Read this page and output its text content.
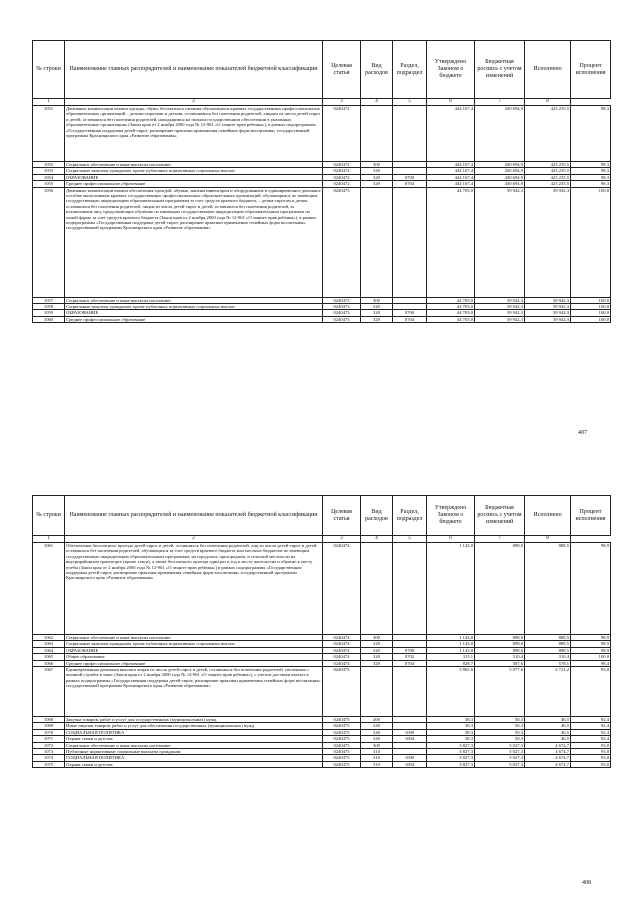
№ строки	Наименование главных распорядителей и наименование показателей бюджетной классификации	Целевая статья	Вид расходов	Раздел, подраздел	Утверждено Законом о бюджете	Бюджетная роспись с учетом изменений	Исполнено	Процент исполнения
1	2	3	4	5	6	7	8	
1051	Денежные компенсации взамен одежды, обуви, бесплатного питания обучающихся краевых государственных профессиональных образовательных организаций – детьми-сиротами и детьми, оставшимися без попечения родителей, лицами из числа детей-сирот и детей, оставшихся без попечения родителей, находящимся на полном государственном обеспечении в указанных образовательных организациях (Закон края от 2 ноября 2000 года № 12-961 «О защите прав ребенка»), в рамках подпрограммы «Государственная поддержка детей-сирот, расширение практики применения семейных форм воспитания» государственной программы Красноярского края «Развитие образования»	0240472			444 167,4	430 694,9	423 235,5	98,3
1052	Социальное обеспечение и иные выплаты населению	0240472	300		444 167,4	430 694,9	423 235,5	98,3
1053	Социальные выплаты гражданам, кроме публичных нормативных социальных выплат	0240472	320		444 167,4	430 694,9	423 235,5	98,3
1054	ОБРАЗОВАНИЕ	0240472	320	0700	444 167,4	430 694,9	423 235,5	98,3
1055	Среднее профессиональное образование	0240472	320	0704	444 167,4	430 694,9	423 235,5	98,3
1056	Денежные компенсации взамен обеспечения одеждой, обувью, мягким инвентарем и оборудованием и единовременное денежное пособие выпускникам краевых государственных профессиональных образовательных организаций, обучающимся по имеющим государственную аккредитацию образовательным программам за счет средств краевого бюджета, – детям-сиротам и детям, оставшимся без попечения родителей, лицам из числа детей-сирот и детей, оставшихся без попечения родителей, за исключением лиц, продолжающих обучение по имеющим государственную аккредитацию образовательным программам по очной форме за счет средств краевого бюджета (Закон края от 2 ноября 2000 года № 12-961 «О защите прав ребенка»), в рамках подпрограммы «Государственная поддержка детей-сирот, расширение практики применения семейных форм воспитания» государственной программы Красноярского края «Развитие образования»	0240473			44 703,0	39 942,3	39 942,3	100,0
1057	Социальное обеспечение и иные выплаты населению	0240473	300		44 703,0	39 942,3	39 942,3	100,0
1058	Социальные выплаты гражданам, кроме публичных нормативных социальных выплат	0240473	320		44 703,0	39 942,3	39 942,3	100,0
1059	ОБРАЗОВАНИЕ	0240473	320	0700	44 703,0	39 942,3	39 942,3	100,0
1060	Среднее профессиональное образование	0240473	320	0704	44 703,0	39 942,3	39 942,3	100,0
407
№ строки	Наименование главных распорядителей и наименование показателей бюджетной классификации	Целевая статья	Вид расходов	Раздел, подраздел	Утверждено Законом о бюджете	Бюджетная роспись с учетом изменений	Исполнено	Процент исполнения
1	2	3	4	5	6	7	8	
1061	Обеспечение бесплатного проезда детей-сирот и детей, оставшихся без попечения родителей, лиц из числа детей-сирот и детей, оставшихся без попечения родителей, обучающихся за счет средств краевого бюджета или местных бюджетов по имеющим государственную аккредитацию образовательным программам, на городском, пригородном, в сельской местности на внутрирайонном транспорте (кроме такси), а также бесплатного проезда один раз в год к месту жительства и обратно к месту учебы (Закон края от 2 ноября 2000 года № 12-961 «О защите прав ребенка») в рамках подпрограммы «Государственная поддержка детей-сирот, расширение практики применения семейных форм воспитания» государственной программы Красноярского края «Развитие образования»	0240474			1 143,8	898,0	888,5	98,9
1062	Социальное обеспечение и иные выплаты населению	0240474	300		1 143,8	898,0	888,5	98,9
1063	Социальные выплаты гражданам, кроме публичных нормативных социальных выплат	0240474	320		1 143,8	898,0	888,5	98,9
1064	ОБРАЗОВАНИЕ	0240474	320	0700	1 143,8	898,0	888,5	98,9
1065	Общее образование	0240474	320	0702	315,1	310,4	310,4	100,0
1066	Среднее профессиональное образование	0240474	320	0704	828,7	587,6	578,1	98,4
1067	Единовременная денежная выплата лицам из числа детей-сирот и детей, оставшихся без попечения родителей, уволенных с военной службы в запас (Закон края от 2 ноября 2000 года № 12-961 «О защите прав ребенка»), с учетом доставки выплат в рамках подпрограммы «Государственная поддержка детей-сирот, расширение практики применения семейных форм воспитания» государственной программы Красноярского края «Развитие образования»	0240475			3 865,6	5 077,6	4 721,2	93,0
1068	Закупка товаров, работ и услуг для государственных (муниципальных) нужд	0240475	200		38,3	50,3	46,5	92,4
1069	Иные закупки товаров, работ и услуг для обеспечения государственных (муниципальных) нужд	0240475	240		38,3	50,3	46,5	92,4
1070	СОЦИАЛЬНАЯ ПОЛИТИКА	0240475	240	1000	38,3	50,3	46,5	92,4
1071	Охрана семьи и детства	0240475	240	1004	38,3	50,3	46,5	92,4
1072	Социальное обеспечение и иные выплаты населению	0240475	300		3 827,3	5 027,3	4 674,7	93,0
1073	Публичные нормативные социальные выплаты гражданам	0240475	310		3 827,3	5 027,3	4 674,7	93,0
1074	СОЦИАЛЬНАЯ ПОЛИТИКА	0240475	310	1000	3 827,3	5 027,3	4 674,7	93,0
1075	Охрана семьи и детства	0240475	310	1004	3 827,3	5 027,3	4 674,7	93,0
408
